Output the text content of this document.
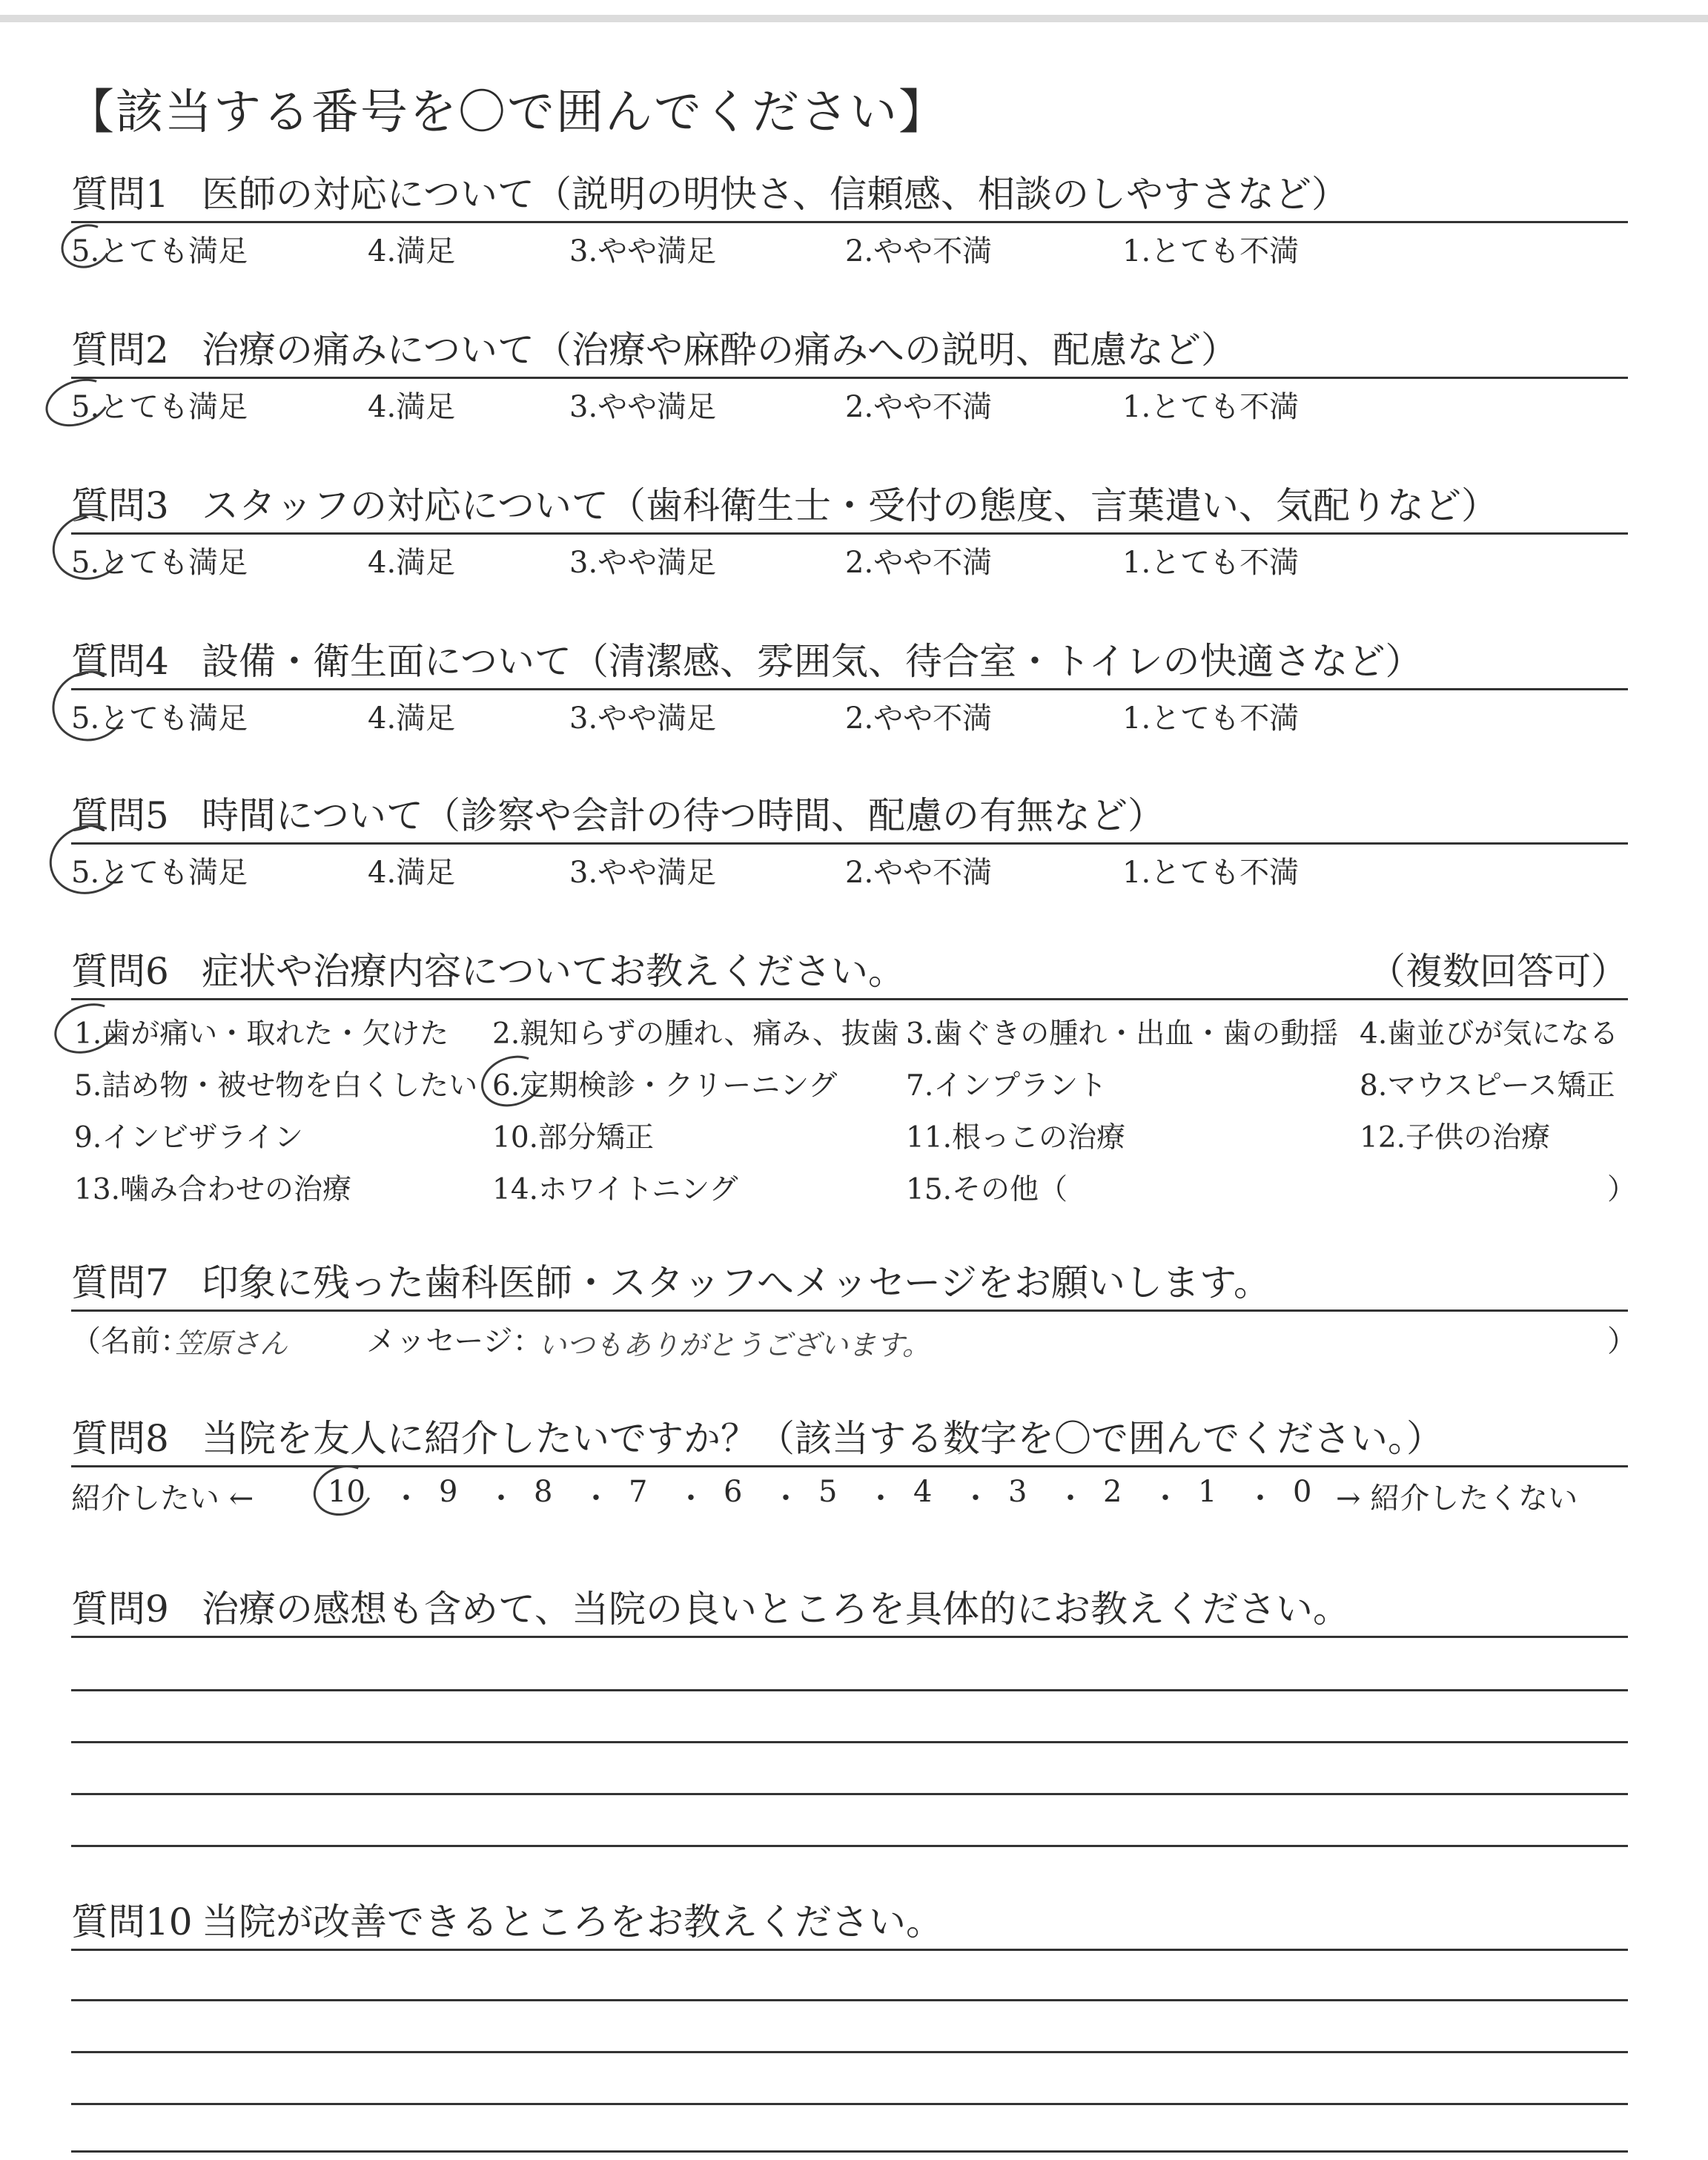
【該当する番号を〇で囲んでください】
質問1 医師の対応について（説明の明快さ、信頼感、相談のしやすさなど）
5.とても満足	4.満足	3.やや満足	2.やや不満	1.とても不満
質問2 治療の痛みについて（治療や麻酔の痛みへの説明、配慮など）
5.とても満足	4.満足	3.やや満足	2.やや不満	1.とても不満
質問3 スタッフの対応について（歯科衛生士・受付の態度、言葉遣い、気配りなど）
5.とても満足	4.満足	3.やや満足	2.やや不満	1.とても不満
質問4 設備・衛生面について（清潔感、雰囲気、待合室・トイレの快適さなど）
5.とても満足	4.満足	3.やや満足	2.やや不満	1.とても不満
質問5 時間について（診察や会計の待つ時間、配慮の有無など）
5.とても満足	4.満足	3.やや満足	2.やや不満	1.とても不満
質問6 症状や治療内容についてお教えください。	（複数回答可）
1.歯が痛い・取れた・欠けた 2.親知らずの腫れ、痛み、抜歯 3.歯ぐきの腫れ・出血・歯の動揺 4.歯並びが気になる
5.詰め物・被せ物を白くしたい 6.定期検診・クリーニング 7.インプラント	8.マウスピース矯正
9.インビザライン	10.部分矯正	11.根っこの治療	12.子供の治療
13.噛み合わせの治療	14.ホワイトニング	15.その他（	）
質問7 印象に残った歯科医師・スタッフへメッセージをお願いします。
（名前：
笠原さん	メッセージ：
いつもありがとうございます。	）
質問8 当院を友人に紹介したいですか？（該当する数字を〇で囲んでください。）
紹介したい ← 10 ・ 9 ・ 8 ・ 7 ・ 6 ・ 5 ・ 4 ・ 3 ・ 2 ・ 1 ・ 0 → 紹介したくない
質問9 治療の感想も含めて、当院の良いところを具体的にお教えください。
質問10 当院が改善できるところをお教えください。
